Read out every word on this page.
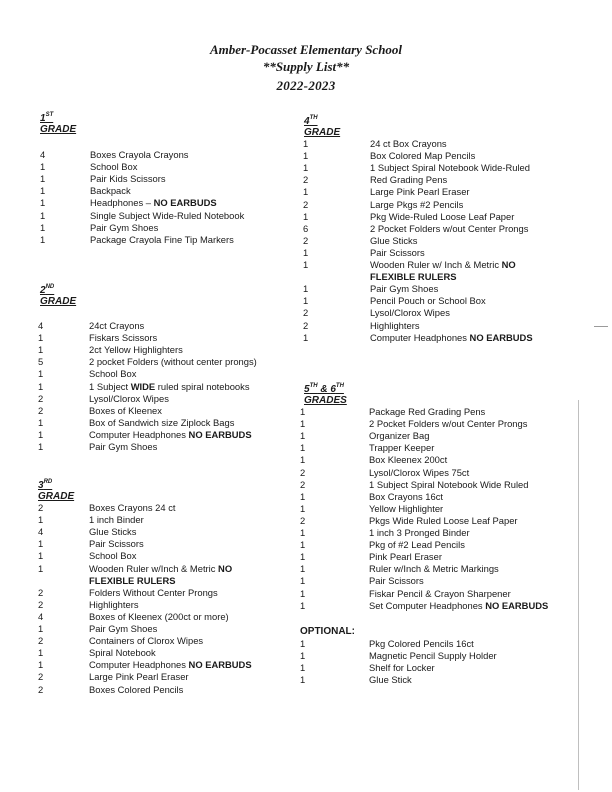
Amber-Pocasset Elementary School
**Supply List**
2022-2023
1ST
GRADE
2ND
GRADE
3RD
GRADE
4TH
GRADE
5TH & 6TH
GRADES
OPTIONAL:
4	Boxes Crayola Crayons
1	School Box
1	Pair Kids Scissors
1	Backpack
1	Headphones – NO EARBUDS
1	Single Subject Wide-Ruled Notebook
1	Pair Gym Shoes
1	Package Crayola Fine Tip Markers
4	24ct Crayons
1	Fiskars Scissors
1	2ct Yellow Highlighters
5	2 pocket Folders (without center prongs)
1	School Box
1	1 Subject WIDE ruled spiral notebooks
2	Lysol/Clorox Wipes
2	Boxes of Kleenex
1	Box of Sandwich size Ziplock Bags
1	Computer Headphones NO EARBUDS
1	Pair Gym Shoes
2	Boxes Crayons 24 ct
1	1 inch Binder
4	Glue Sticks
1	Pair Scissors
1	School Box
1	Wooden Ruler w/Inch & Metric NO
FLEXIBLE RULERS
2	Folders Without Center Prongs
2	Highlighters
4	Boxes of Kleenex (200ct or more)
1	Pair Gym Shoes
2	Containers of Clorox Wipes
1	Spiral Notebook
1	Computer Headphones NO EARBUDS
2	Large Pink Pearl Eraser
2	Boxes Colored Pencils
1	24 ct Box Crayons
1	Box Colored Map Pencils
1	1 Subject Spiral Notebook Wide-Ruled
2	Red Grading Pens
1	Large Pink Pearl Eraser
2	Large Pkgs #2 Pencils
1	Pkg Wide-Ruled Loose Leaf Paper
6	2 Pocket Folders w/out Center Prongs
2	Glue Sticks
1	Pair Scissors
1	Wooden Ruler w/ Inch & Metric NO
FLEXIBLE RULERS
1	Pair Gym Shoes
1	Pencil Pouch or School Box
2	Lysol/Clorox Wipes
2	Highlighters
1	Computer Headphones NO EARBUDS
1	Package Red Grading Pens
1	2 Pocket Folders w/out Center Prongs
1	Organizer Bag
1	Trapper Keeper
1	Box Kleenex 200ct
2	Lysol/Clorox Wipes 75ct
2	1 Subject Spiral Notebook Wide Ruled
1	Box Crayons 16ct
1	Yellow Highlighter
2	Pkgs Wide Ruled Loose Leaf Paper
1	1 inch 3 Pronged Binder
1	Pkg of #2 Lead Pencils
1	Pink Pearl Eraser
1	Ruler w/Inch & Metric Markings
1	Pair Scissors
1	Fiskar Pencil & Crayon Sharpener
1	Set Computer Headphones NO EARBUDS
1	Pkg Colored Pencils 16ct
1	Magnetic Pencil Supply Holder
1	Shelf for Locker
1	Glue Stick
